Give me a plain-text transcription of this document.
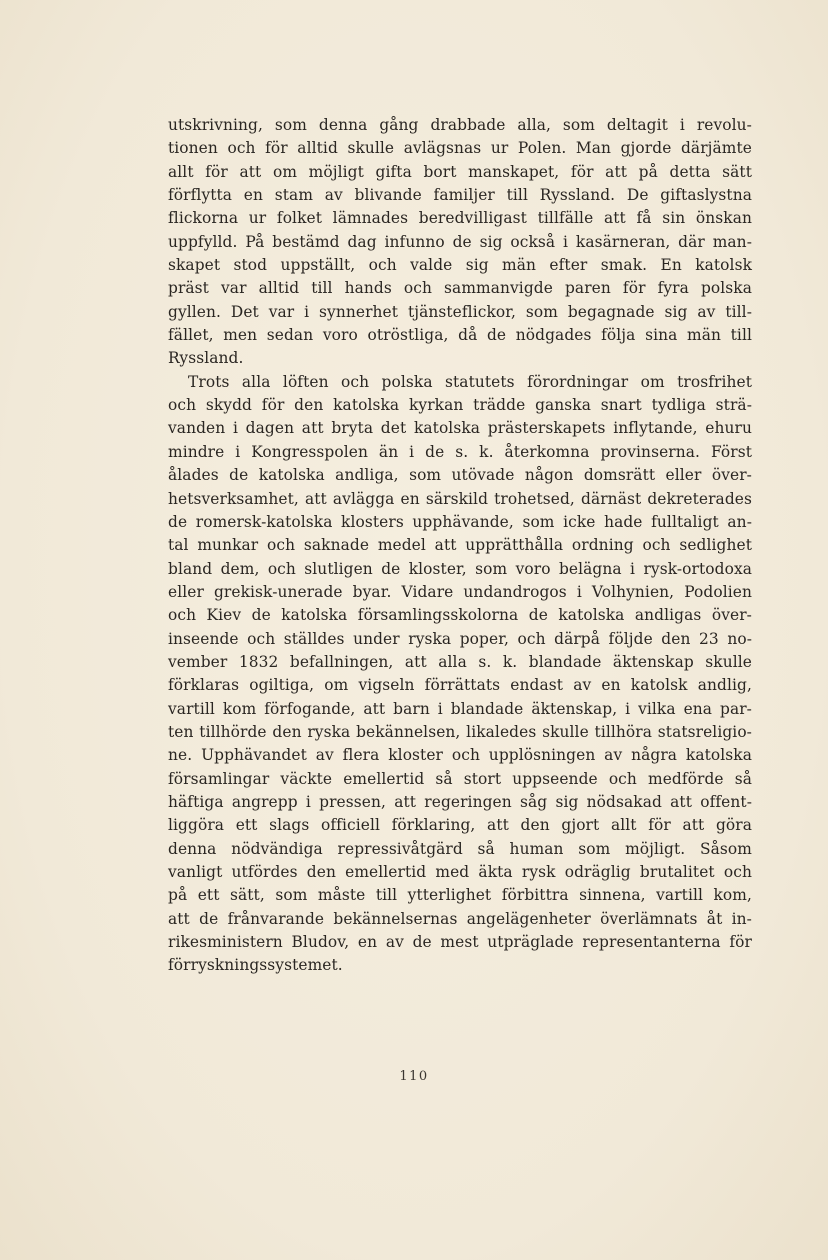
utskrivning, som denna gång drabbade alla, som deltagit i revolu-
tionen och för alltid skulle avlägsnas ur Polen. Man gjorde därjämte
allt för att om möjligt gifta bort manskapet, för att på detta sätt
förflytta en stam av blivande familjer till Ryssland. De giftaslystna
flickorna ur folket lämnades beredvilligast tillfälle att få sin önskan
uppfylld. På bestämd dag infunno de sig också i kasärneran, där man-
skapet stod uppställt, och valde sig män efter smak. En katolsk
präst var alltid till hands och sammanvigde paren för fyra polska
gyllen. Det var i synnerhet tjänsteflickor, som begagnade sig av till-
fället, men sedan voro otröstliga, då de nödgades följa sina män till
Ryssland.
Trots alla löften och polska statutets förordningar om trosfrihet
och skydd för den katolska kyrkan trädde ganska snart tydliga strä-
vanden i dagen att bryta det katolska prästerskapets inflytande, ehuru
mindre i Kongresspolen än i de s. k. återkomna provinserna. Först
ålades de katolska andliga, som utövade någon domsrätt eller över-
hetsverksamhet, att avlägga en särskild trohetsed, därnäst dekreterades
de romersk-katolska klosters upphävande, som icke hade fulltaligt an-
tal munkar och saknade medel att upprätthålla ordning och sedlighet
bland dem, och slutligen de kloster, som voro belägna i rysk-ortodoxa
eller grekisk-unerade byar. Vidare undandrogos i Volhynien, Podolien
och Kiev de katolska församlingsskolorna de katolska andligas över-
inseende och ställdes under ryska poper, och därpå följde den 23 no-
vember 1832 befallningen, att alla s. k. blandade äktenskap skulle
förklaras ogiltiga, om vigseln förrättats endast av en katolsk andlig,
vartill kom förfogande, att barn i blandade äktenskap, i vilka ena par-
ten tillhörde den ryska bekännelsen, likaledes skulle tillhöra statsreligio-
ne. Upphävandet av flera kloster och upplösningen av några katolska
församlingar väckte emellertid så stort uppseende och medförde så
häftiga angrepp i pressen, att regeringen såg sig nödsakad att offent-
liggöra ett slags officiell förklaring, att den gjort allt för att göra
denna nödvändiga repressivåtgärd så human som möjligt. Såsom
vanligt utfördes den emellertid med äkta rysk odräglig brutalitet och
på ett sätt, som måste till ytterlighet förbittra sinnena, vartill kom,
att de frånvarande bekännelsernas angelägenheter överlämnats åt in-
rikesministern Bludov, en av de mest utpräglade representanterna för
förryskningssystemet.
110
